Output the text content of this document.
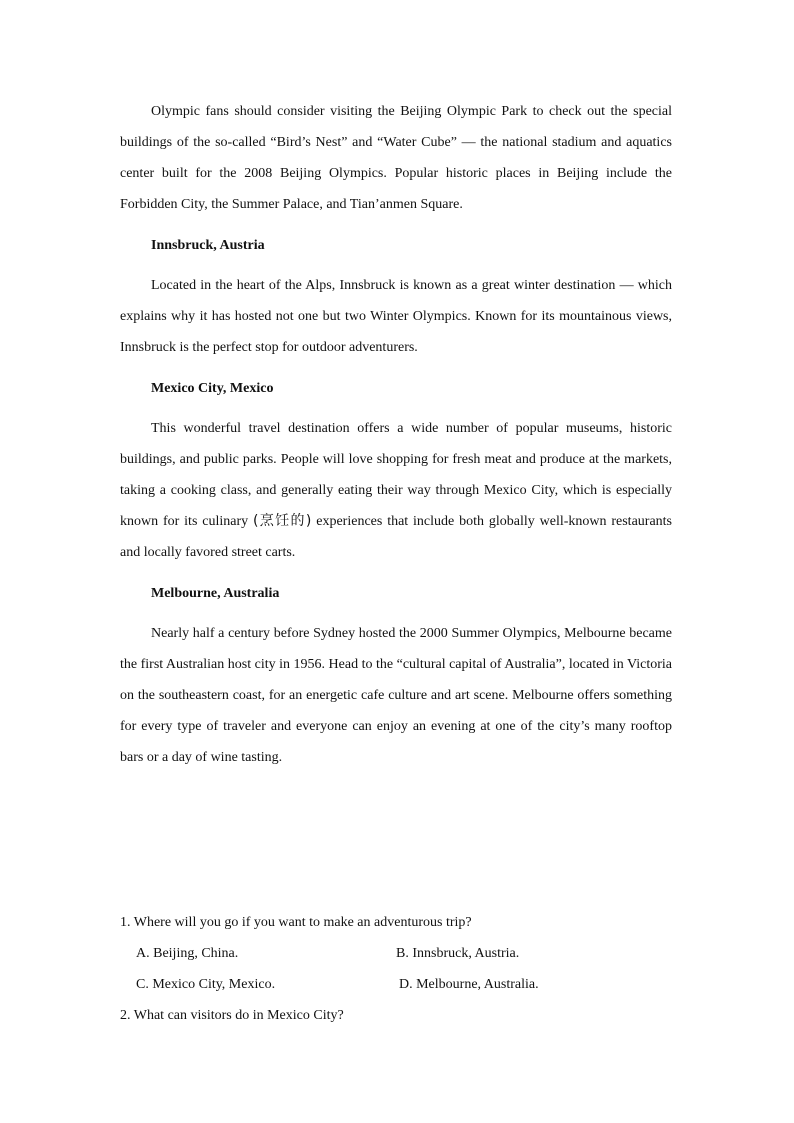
Olympic fans should consider visiting the Beijing Olympic Park to check out the special buildings of the so-called “Bird’s Nest” and “Water Cube” — the national stadium and aquatics center built for the 2008 Beijing Olympics. Popular historic places in Beijing include the Forbidden City, the Summer Palace, and Tian’anmen Square.

Innsbruck, Austria

Located in the heart of the Alps, Innsbruck is known as a great winter destination — which explains why it has hosted not one but two Winter Olympics. Known for its mountainous views, Innsbruck is the perfect stop for outdoor adventurers.

Mexico City, Mexico

This wonderful travel destination offers a wide number of popular museums, historic buildings, and public parks. People will love shopping for fresh meat and produce at the markets, taking a cooking class, and generally eating their way through Mexico City, which is especially known for its culinary (烹饪的) experiences that include both globally well-known restaurants and locally favored street carts.

Melbourne, Australia

Nearly half a century before Sydney hosted the 2000 Summer Olympics, Melbourne became the first Australian host city in 1956. Head to the “cultural capital of Australia”, located in Victoria on the southeastern coast, for an energetic cafe culture and art scene. Melbourne offers something for every type of traveler and everyone can enjoy an evening at one of the city’s many rooftop bars or a day of wine tasting.

1. Where will you go if you want to make an adventurous trip?

A. Beijing, China.	B. Innsbruck, Austria.
C. Mexico City, Mexico.	D. Melbourne, Australia.

2. What can visitors do in Mexico City?
